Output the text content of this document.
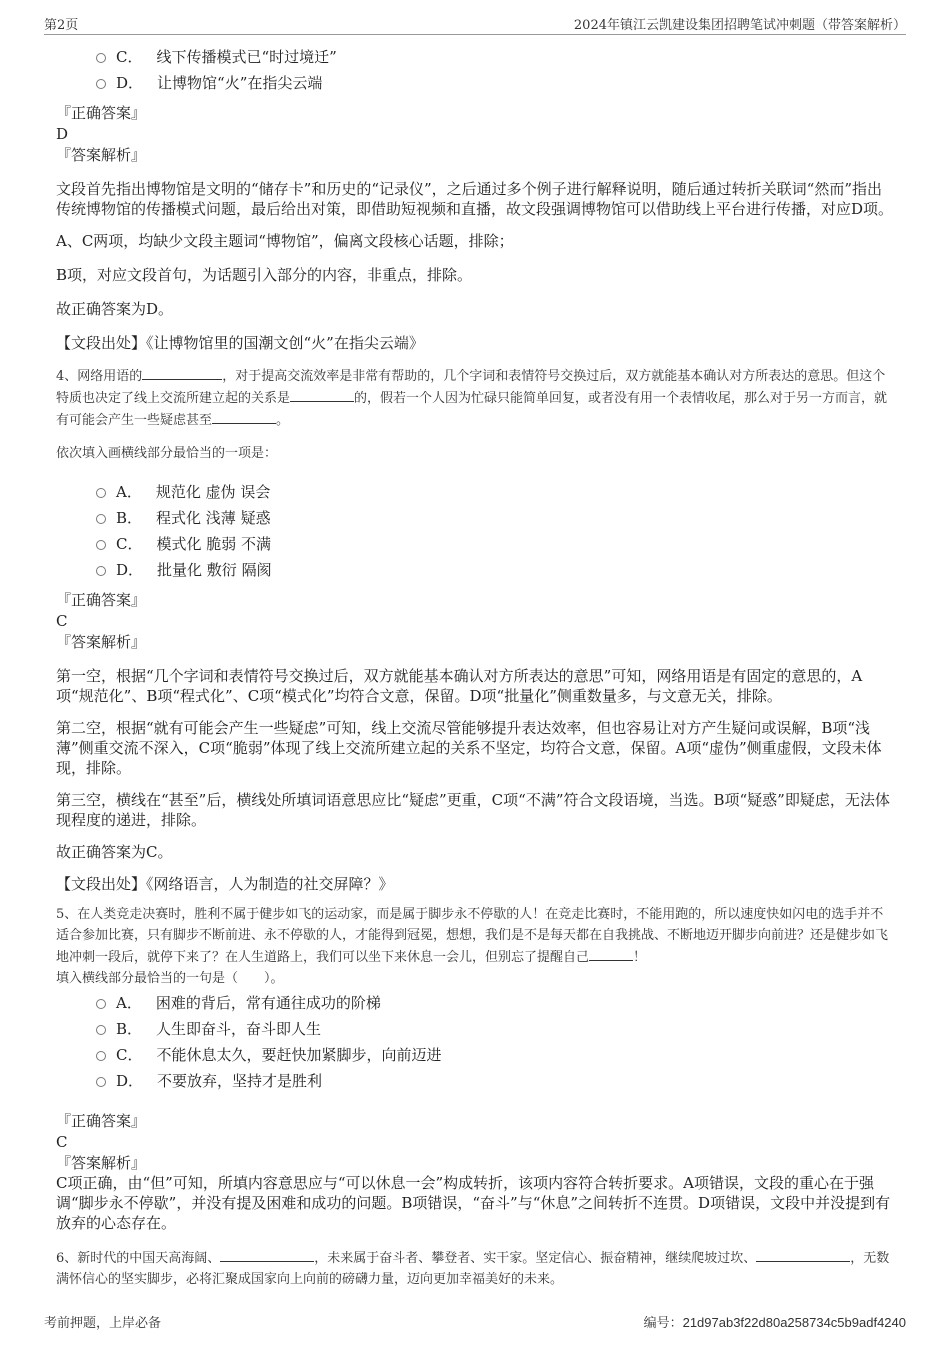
第2页	2024年镇江云凯建设集团招聘笔试冲刺题（带答案解析）
C． 线下传播模式已“时过境迁”
D． 让博物馆“火”在指尖云端

『正确答案』

D

『答案解析』

文段首先指出博物馆是文明的“储存卡”和历史的“记录仪”，之后通过多个例子进行解释说明，随后通过转折关联词“然而”指出传统博物馆的传播模式问题，最后给出对策，即借助短视频和直播，故文段强调博物馆可以借助线上平台进行传播，对应D项。

A、C两项，均缺少文段主题词“博物馆”，偏离文段核心话题，排除；

B项，对应文段首句，为话题引入部分的内容，非重点，排除。

故正确答案为D。

【文段出处】《让博物馆里的国潮文创“火”在指尖云端》

4、网络用语的	，对于提高交流效率是非常有帮助的，几个字词和表情符号交换过后，双方就能基本确认对方所表达的意思。但这个特质也决定了线上交流所建立起的关系是	的，假若一个人因为忙碌只能简单回复，或者没有用一个表情收尾，那么对于另一方而言，就有可能会产生一些疑虑甚至	。

依次填入画横线部分最恰当的一项是：

A． 规范化 虚伪 误会
B． 程式化 浅薄 疑惑
C． 模式化 脆弱 不满
D． 批量化 敷衍 隔阂

『正确答案』

C

『答案解析』

第一空，根据“几个字词和表情符号交换过后，双方就能基本确认对方所表达的意思”可知，网络用语是有固定的意思的，A项“规范化”、B项“程式化”、C项“模式化”均符合文意，保留。D项“批量化”侧重数量多，与文意无关，排除。

第二空，根据“就有可能会产生一些疑虑”可知，线上交流尽管能够提升表达效率，但也容易让对方产生疑问或误解，B项“浅薄”侧重交流不深入，C项“脆弱”体现了线上交流所建立起的关系不坚定，均符合文意，保留。A项“虚伪”侧重虚假，文段未体现，排除。

第三空，横线在“甚至”后，横线处所填词语意思应比“疑虑”更重，C项“不满”符合文段语境，当选。B项“疑惑”即疑虑，无法体现程度的递进，排除。

故正确答案为C。

【文段出处】《网络语言，人为制造的社交屏障？》

5、在人类竞走决赛时，胜利不属于健步如飞的运动家，而是属于脚步永不停歇的人！在竞走比赛时，不能用跑的，所以速度快如闪电的选手并不适合参加比赛，只有脚步不断前进、永不停歇的人，才能得到冠冕，想想，我们是不是每天都在自我挑战、不断地迈开脚步向前进？还是健步如飞地冲刺一段后，就停下来了？在人生道路上，我们可以坐下来休息一会儿，但别忘了提醒自己	！

填入横线部分最恰当的一句是（　　）。

A． 困难的背后，常有通往成功的阶梯
B． 人生即奋斗，奋斗即人生
C． 不能休息太久，要赶快加紧脚步，向前迈进
D． 不要放弃，坚持才是胜利

『正确答案』

C

『答案解析』

C项正确，由“但”可知，所填内容意思应与“可以休息一会”构成转折，该项内容符合转折要求。A项错误，文段的重心在于强调“脚步永不停歇”，并没有提及困难和成功的问题。B项错误，“奋斗”与“休息”之间转折不连贯。D项错误，文段中并没提到有放弃的心态存在。

6、新时代的中国天高海阔、	，未来属于奋斗者、攀登者、实干家。坚定信心、振奋精神，继续爬坡过坎、	，无数满怀信心的坚实脚步，必将汇聚成国家向上向前的磅礴力量，迈向更加幸福美好的未来。

考前押题，上岸必备	编号：21d97ab3f22d80a258734c5b9adf4240
